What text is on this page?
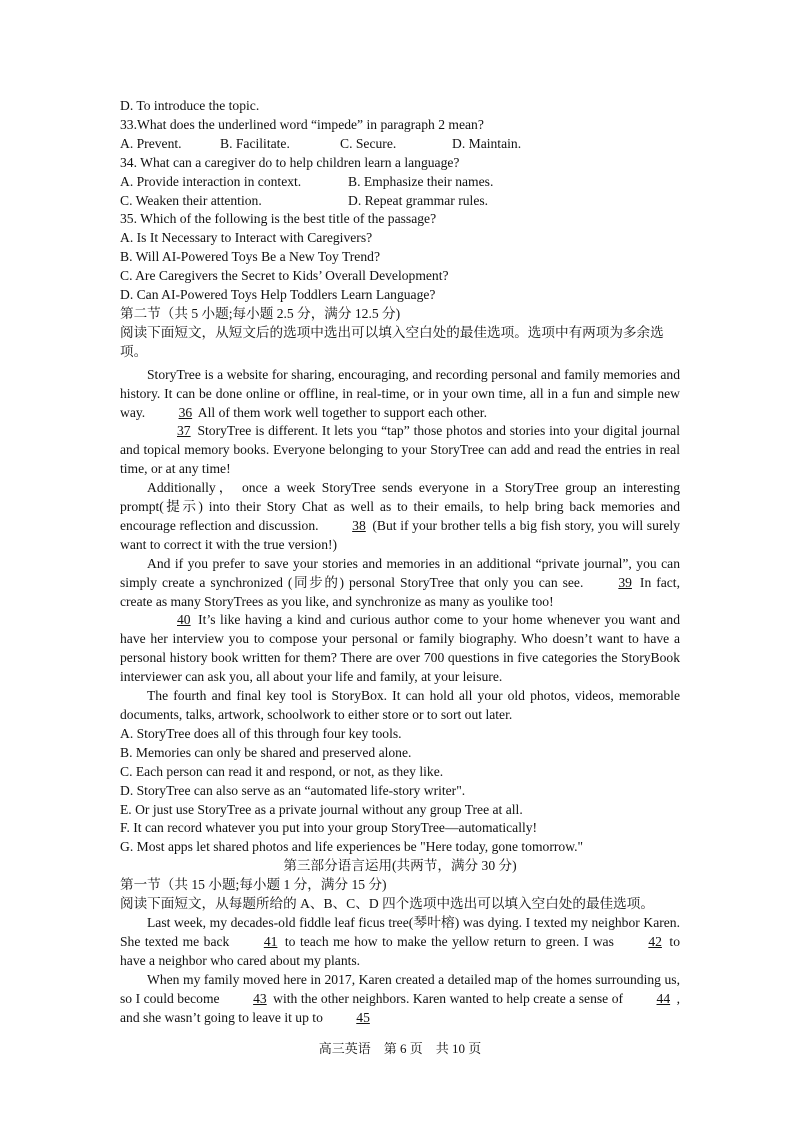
D. To introduce the topic.
33.What does the underlined word “impede” in paragraph 2 mean?
A. Prevent.	B. Facilitate.	C. Secure.	D. Maintain.
34. What can a caregiver do to help children learn a language?
A. Provide interaction in context.	B. Emphasize their names.
C. Weaken their attention.	D. Repeat grammar rules.
35. Which of the following is the best title of the passage?
A. Is It Necessary to Interact with Caregivers?
B. Will AI-Powered Toys Be a New Toy Trend?
C. Are Caregivers the Secret to Kids’ Overall Development?
D. Can AI-Powered Toys Help Toddlers Learn Language?
第二节（共 5 小题;每小题 2.5 分，满分 12.5 分)
阅读下面短文，从短文后的选项中选出可以填入空白处的最佳选项。选项中有两项为多余选项。

StoryTree is a website for sharing, encouraging, and recording personal and family memories and history. It can be done online or offline, in real-time, or in your own time, all in a fun and simple new way. 36 All of them work well together to support each other.

37 StoryTree is different. It lets you “tap” those photos and stories into your digital journal and topical memory books. Everyone belonging to your StoryTree can add and read the entries in real time, or at any time!

Additionally， once a week StoryTree sends everyone in a StoryTree group an interesting prompt(提示) into their Story Chat as well as to their emails, to help bring back memories and encourage reflection and discussion. 38 (But if your brother tells a big fish story, you will surely want to correct it with the true version!)

And if you prefer to save your stories and memories in an additional “private journal”, you can simply create a synchronized (同步的) personal StoryTree that only you can see. 39 In fact, create as many StoryTrees as you like, and synchronize as many as youlike too!

40 It’s like having a kind and curious author come to your home whenever you want and have her interview you to compose your personal or family biography. Who doesn’t want to have a personal history book written for them? There are over 700 questions in five categories the StoryBook interviewer can ask you, all about your life and family, at your leisure.

The fourth and final key tool is StoryBox. It can hold all your old photos, videos, memorable documents, talks, artwork, schoolwork to either store or to sort out later.

A. StoryTree does all of this through four key tools.
B. Memories can only be shared and preserved alone.
C. Each person can read it and respond, or not, as they like.
D. StoryTree can also serve as an “automated life-story writer".
E. Or just use StoryTree as a private journal without any group Tree at all.
F. It can record whatever you put into your group StoryTree—automatically!
G. Most apps let shared photos and life experiences be "Here today, gone tomorrow."
第三部分语言运用(共两节，满分 30 分)
第一节（共 15 小题;每小题 1 分，满分 15 分)
阅读下面短文，从每题所给的 A、B、C、D 四个选项中选出可以填入空白处的最佳选项。

Last week, my decades-old fiddle leaf ficus tree(琴叶榕) was dying. I texted my neighbor Karen. She texted me back 41 to teach me how to make the yellow return to green. I was 42 to have a neighbor who cared about my plants.

When my family moved here in 2017, Karen created a detailed map of the homes surrounding us, so I could become 43 with the other neighbors. Karen wanted to help create a sense of 44 , and she wasn’t going to leave it up to 45

高三英语　第 6 页　共 10 页
